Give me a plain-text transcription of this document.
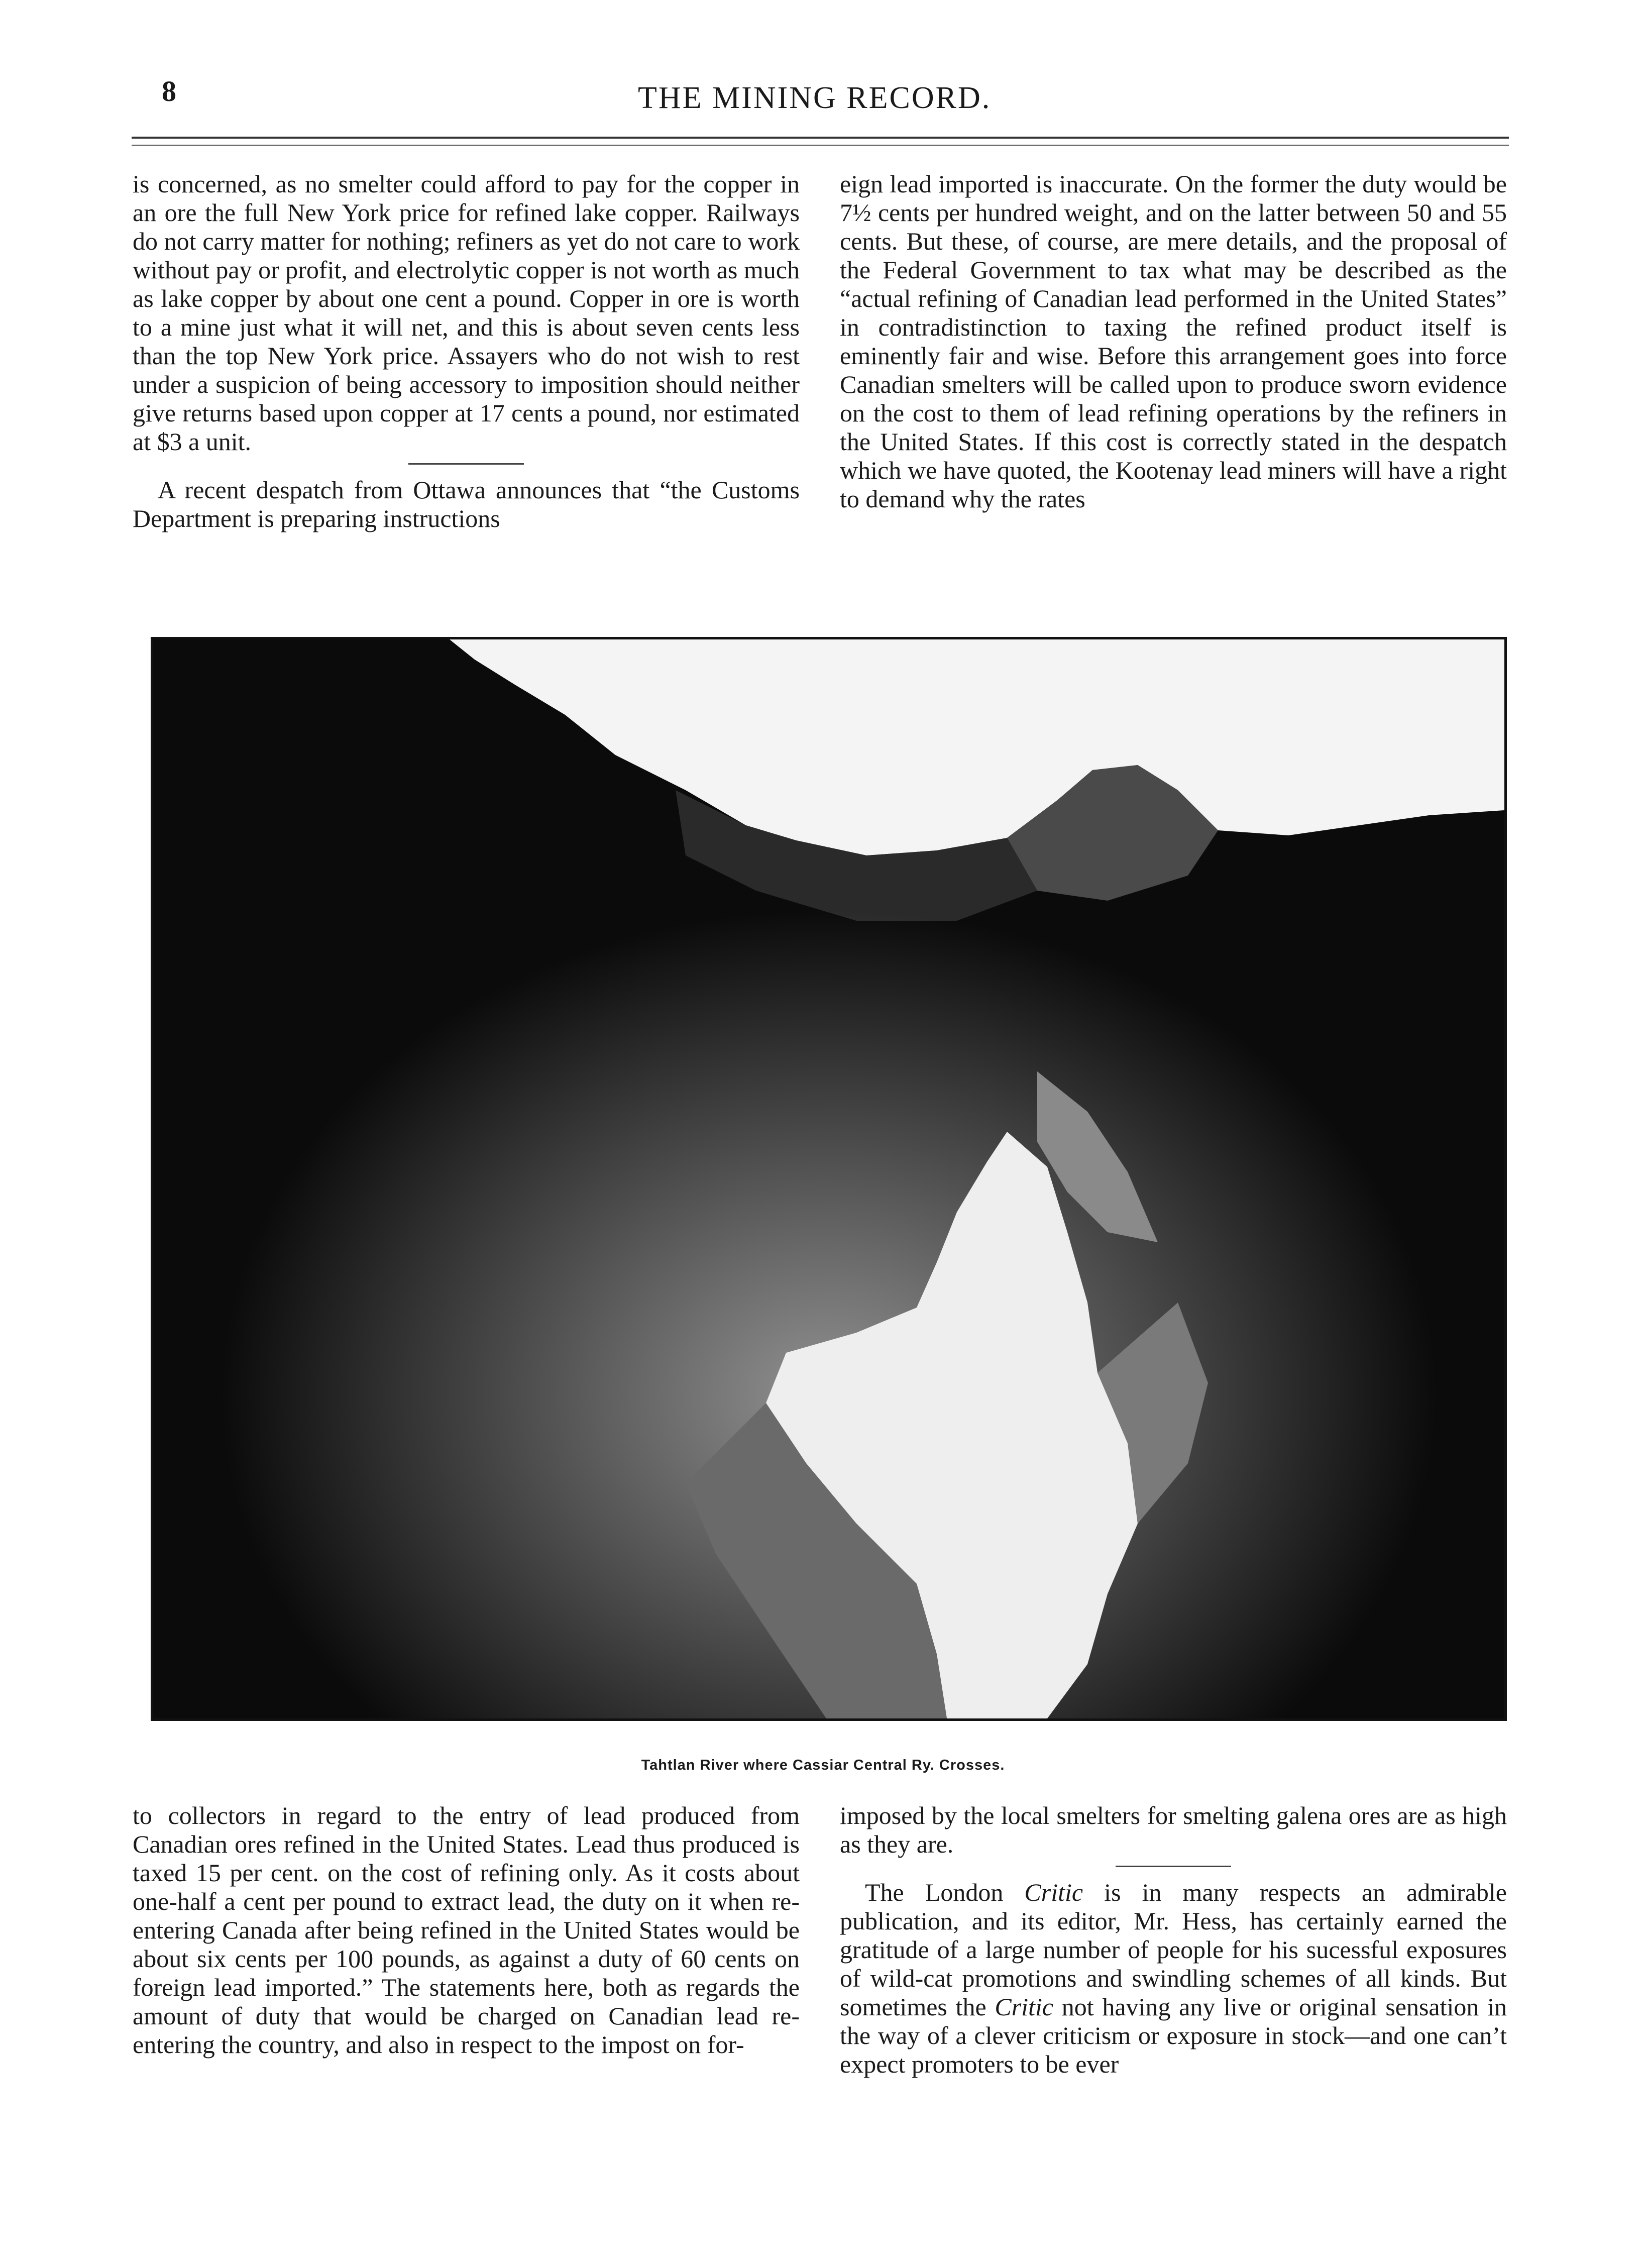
8	THE MINING RECORD.

is concerned, as no smelter could afford to pay for the copper in an ore the full New York price for refined lake copper. Railways do not carry matter for nothing; refiners as yet do not care to work without pay or profit, and electrolytic copper is not worth as much as lake copper by about one cent a pound. Copper in ore is worth to a mine just what it will net, and this is about seven cents less than the top New York price. Assayers who do not wish to rest under a suspicion of being accessory to imposition should neither give returns based upon copper at 17 cents a pound, nor estimated at $3 a unit.

A recent despatch from Ottawa announces that “the Customs Department is preparing instructions

eign lead imported is inaccurate. On the former the duty would be 7½ cents per hundred weight, and on the latter between 50 and 55 cents. But these, of course, are mere details, and the proposal of the Federal Government to tax what may be described as the “actual refining of Canadian lead performed in the United States” in contradistinction to taxing the refined product itself is eminently fair and wise. Before this arrangement goes into force Canadian smelters will be called upon to produce sworn evidence on the cost to them of lead refining operations by the refiners in the United States. If this cost is correctly stated in the despatch which we have quoted, the Kootenay lead miners will have a right to demand why the rates

Tahtlan River where Cassiar Central Ry. Crosses.

to collectors in regard to the entry of lead produced from Canadian ores refined in the United States. Lead thus produced is taxed 15 per cent. on the cost of refining only. As it costs about one-half a cent per pound to extract lead, the duty on it when re-entering Canada after being refined in the United States would be about six cents per 100 pounds, as against a duty of 60 cents on foreign lead imported.” The statements here, both as regards the amount of duty that would be charged on Canadian lead re-entering the country, and also in respect to the impost on for-

imposed by the local smelters for smelting galena ores are as high as they are.

The London Critic is in many respects an admirable publication, and its editor, Mr. Hess, has certainly earned the gratitude of a large number of people for his sucessful exposures of wild-cat promotions and swindling schemes of all kinds. But sometimes the Critic not having any live or original sensation in the way of a clever criticism or exposure in stock—and one can’t expect promoters to be ever
